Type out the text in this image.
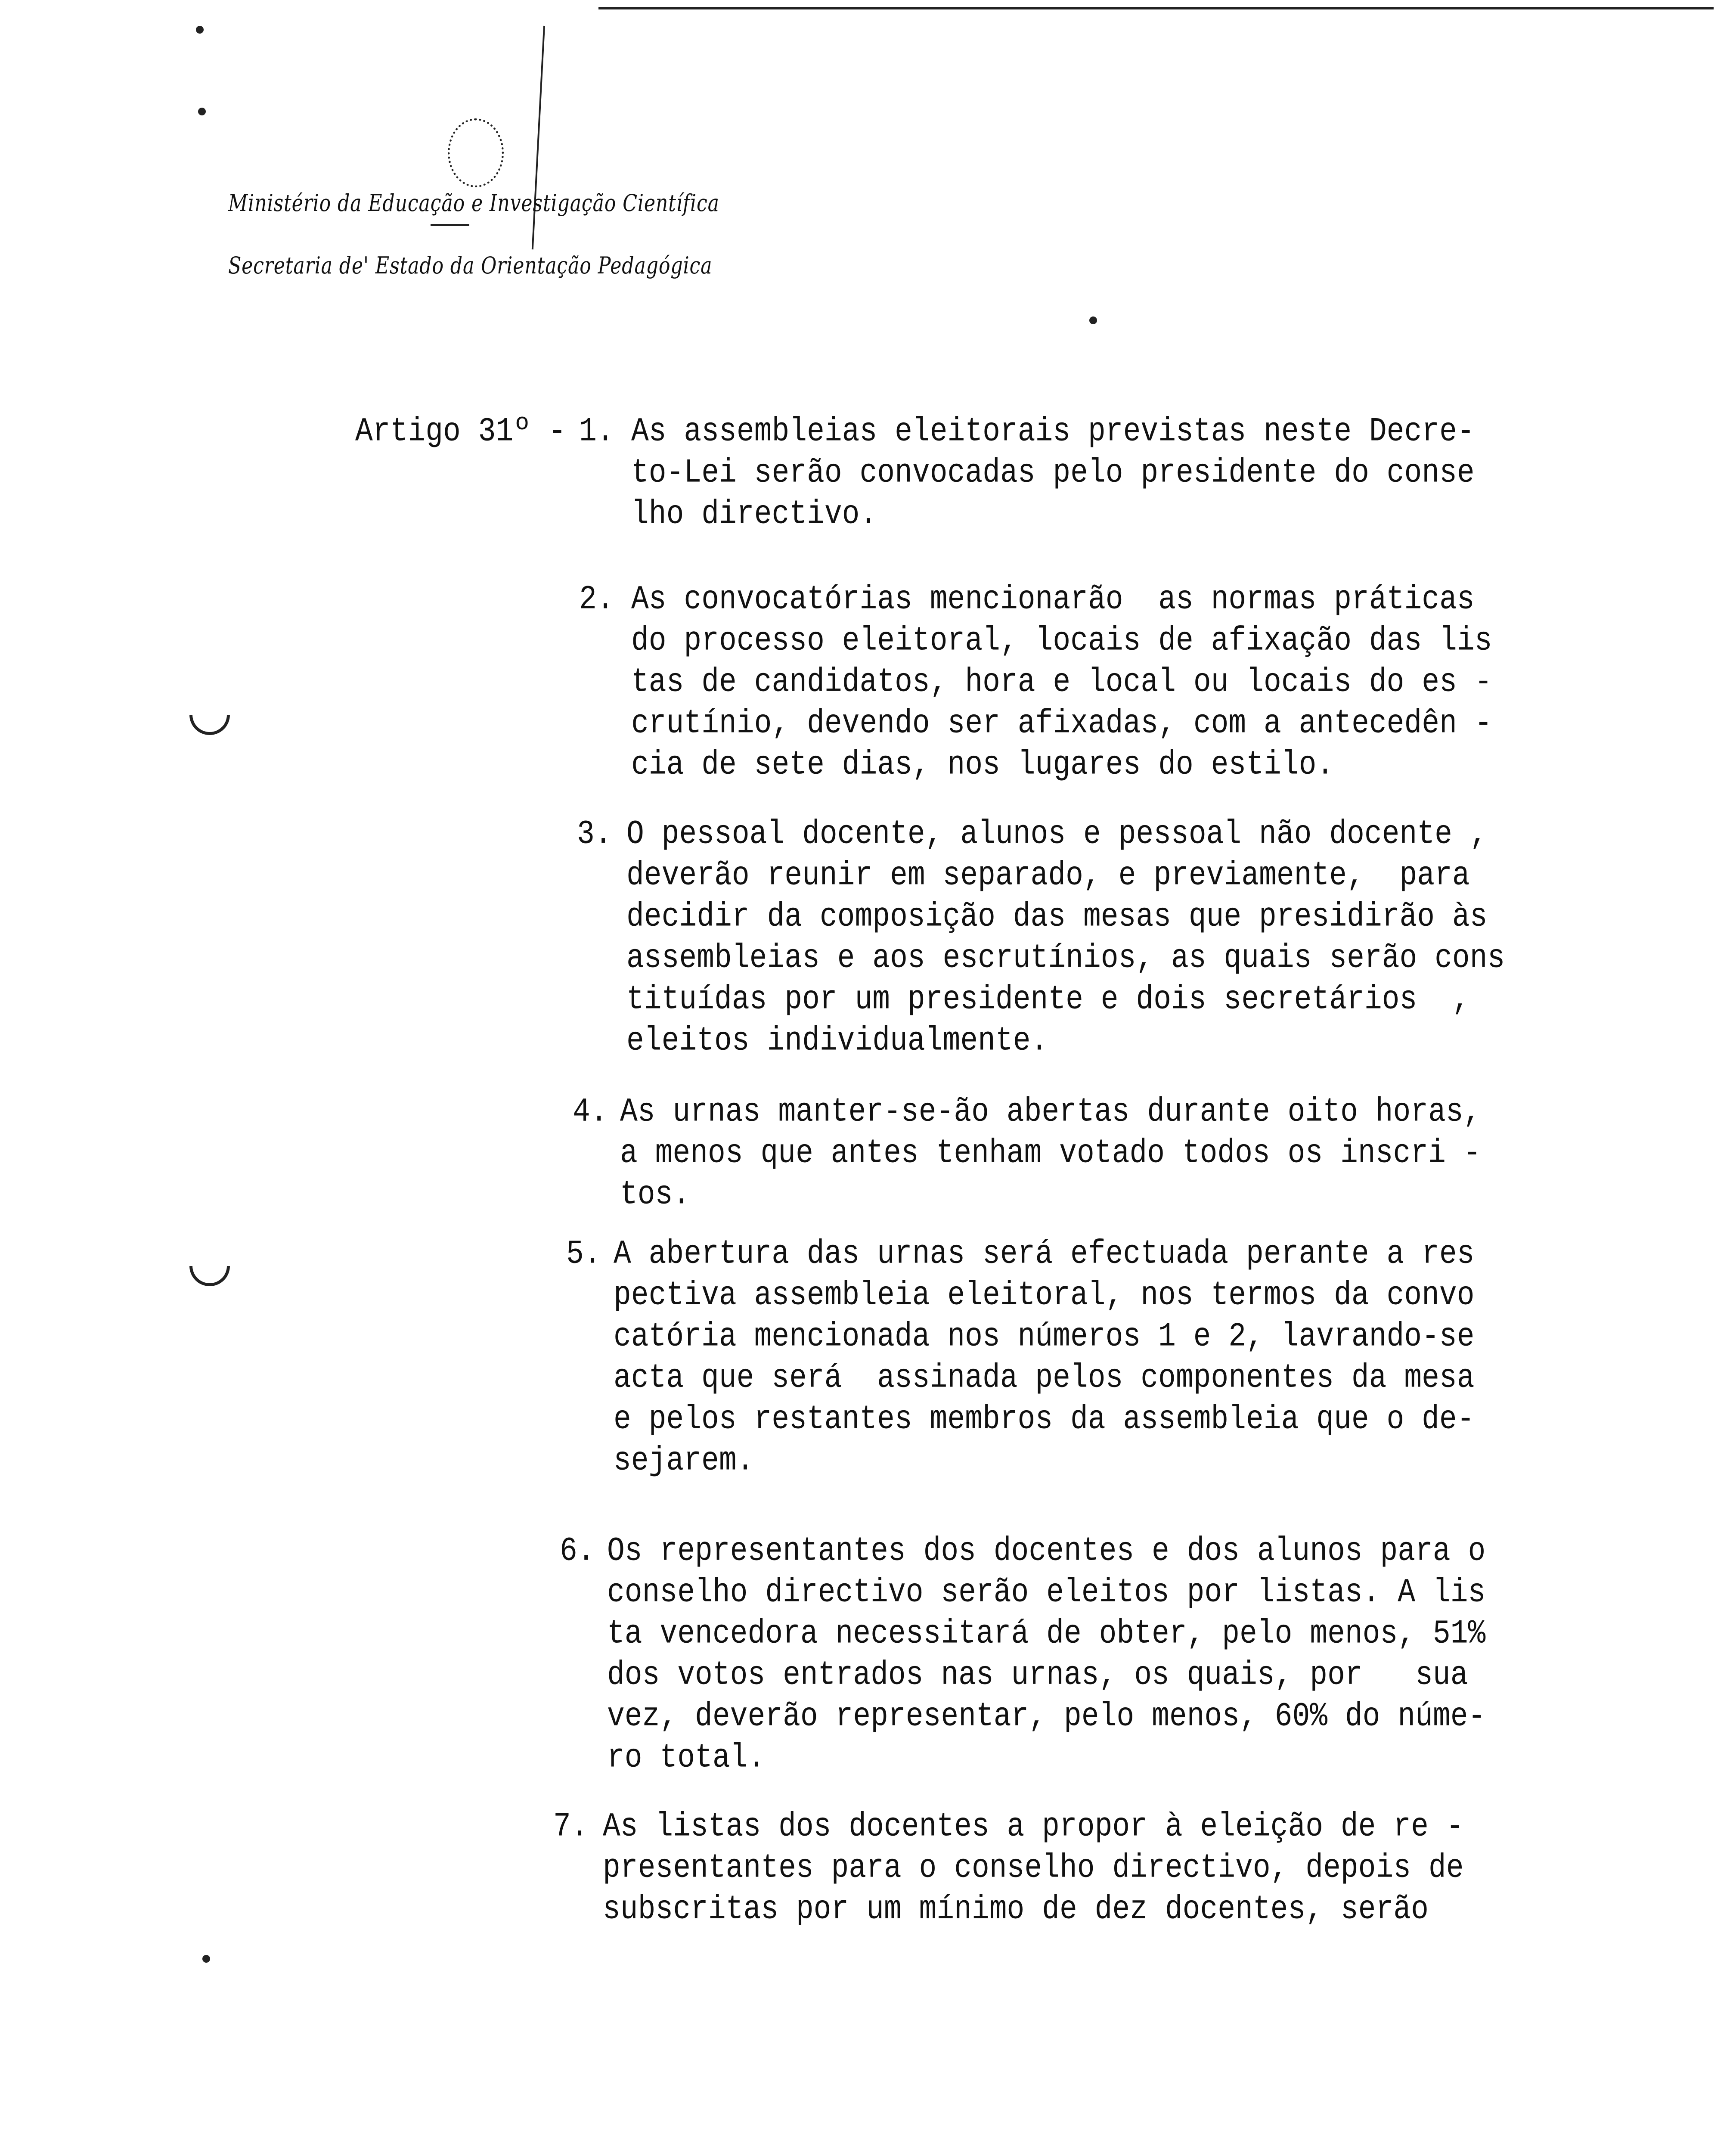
Ministério da Educação e Investigação Científica
Secretaria de' Estado da Orientação Pedagógica
Artigo 31º - 1. As assembleias eleitorais previstas neste Decre-
to-Lei serão convocadas pelo presidente do conse
lho directivo.
2. As convocatórias mencionarão  as normas práticas
do processo eleitoral, locais de afixação das lis
tas de candidatos, hora e local ou locais do es -
crutínio, devendo ser afixadas, com a antecedên -
cia de sete dias, nos lugares do estilo.
3. O pessoal docente, alunos e pessoal não docente ,
deverão reunir em separado, e previamente,  para
decidir da composição das mesas que presidirão às
assembleias e aos escrutínios, as quais serão cons
tituídas por um presidente e dois secretários  ,
eleitos individualmente.
4. As urnas manter-se-ão abertas durante oito horas,
a menos que antes tenham votado todos os inscri -
tos.
5. A abertura das urnas será efectuada perante a res
pectiva assembleia eleitoral, nos termos da convo
catória mencionada nos números 1 e 2, lavrando-se
acta que será  assinada pelos componentes da mesa
e pelos restantes membros da assembleia que o de-
sejarem.
6. Os representantes dos docentes e dos alunos para o
conselho directivo serão eleitos por listas. A lis
ta vencedora necessitará de obter, pelo menos, 51%
dos votos entrados nas urnas, os quais, por   sua
vez, deverão representar, pelo menos, 60% do núme-
ro total.
7. As listas dos docentes a propor à eleição de re -
presentantes para o conselho directivo, depois de
subscritas por um mínimo de dez docentes, serão
